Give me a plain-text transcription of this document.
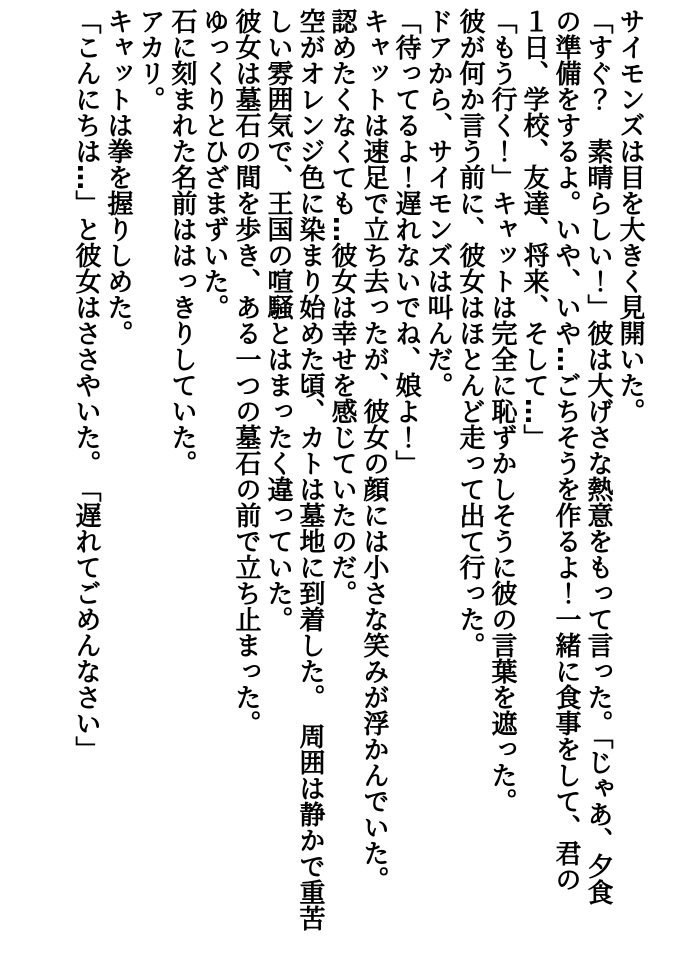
サイモンズは目を大きく見開いた。

「すぐ？　素晴らしい！」彼は大げさな熱意をもって言った。「じゃあ、夕食

の準備をするよ。いや、いや…ごちそうを作るよ！一緒に食事をして、君の

１日、学校、友達、将来、そして…」

「もう行く！」キャットは完全に恥ずかしそうに彼の言葉を遮った。

彼が何か言う前に、彼女はほとんど走って出て行った。

ドアから、サイモンズは叫んだ。

「待ってるよ！遅れないでね、娘よ！」

キャットは速足で立ち去ったが、彼女の顔には小さな笑みが浮かんでいた。

認めたくなくても…彼女は幸せを感じていたのだ。

空がオレンジ色に染まり始めた頃、カトは墓地に到着した。　周囲は静かで重苦

しい雰囲気で、王国の喧騒とはまったく違っていた。

彼女は墓石の間を歩き、ある一つの墓石の前で立ち止まった。

ゆっくりとひざまずいた。

石に刻まれた名前ははっきりしていた。

アカリ。

キャットは拳を握りしめた。

「こんにちは…」と彼女はささやいた。　「遅れてごめんなさい」
